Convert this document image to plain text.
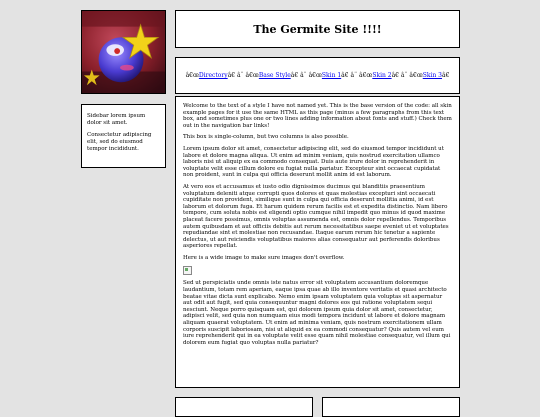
The Germite Site !!!!
â€œDirectoryâ€ â¨ â€œBase Styleâ€ â¨ â€œSkin 1â€ â¨ â€œSkin 2â€ â¨ â€œSkin 3â€

Sidebar lorem ipsum dolor sit amet.

Consectetur adipiscing elit, sed do eiusmod tempor incididunt.

Welcome to the text of a style I have not named yet. This is the base version of the code: all skin example pages for it use the same HTML as this page (minus a few paragraphs from this text box, and sometimes plus one or two lines adding information about fonts and stuff.) Check them out in the navigation bar links!

This box is single-column, but two columns is also possible.

Lorem ipsum dolor sit amet, consectetur adipiscing elit, sed do eiusmod tempor incididunt ut labore et dolore magna aliqua. Ut enim ad minim veniam, quis nostrud exercitation ullamco laboris nisi ut aliquip ex ea commodo consequat. Duis aute irure dolor in reprehenderit in voluptate velit esse cillum dolore eu fugiat nulla pariatur. Excepteur sint occaecat cupidatat non proident, sunt in culpa qui officia deserunt mollit anim id est laborum.

At vero eos et accusamus et iusto odio dignissimos ducimus qui blanditiis praesentium voluptatum deleniti atque corrupti quos dolores et quas molestias excepturi sint occaecati cupiditate non provident, similique sunt in culpa qui officia deserunt mollitia animi, id est laborum et dolorum fuga. Et harum quidem rerum facilis est et expedita distinctio. Nam libero tempore, cum soluta nobis est eligendi optio cumque nihil impedit quo minus id quod maxime placeat facere possimus, omnis voluptas assumenda est, omnis dolor repellendus. Temporibus autem quibusdam et aut officiis debitis aut rerum necessitatibus saepe eveniet ut et voluptates repudiandae sint et molestiae non recusandae. Itaque earum rerum hic tenetur a sapiente delectus, ut aut reiciendis voluptatibus maiores alias consequatur aut perferendis doloribus asperiores repellat.

Here is a wide image to make sure images don't overflow.

Sed ut perspiciatis unde omnis iste natus error sit voluptatem accusantium doloremque laudantium, totam rem aperiam, eaque ipsa quae ab illo inventore veritatis et quasi architecto beatae vitae dicta sunt explicabo. Nemo enim ipsam voluptatem quia voluptas sit aspernatur aut odit aut fugit, sed quia consequuntur magni dolores eos qui ratione voluptatem sequi nesciunt. Neque porro quisquam est, qui dolorem ipsum quia dolor sit amet, consectetur, adipisci velit, sed quia non numquam eius modi tempora incidunt ut labore et dolore magnam aliquam quaerat voluptatem. Ut enim ad minima veniam, quis nostrum exercitationem ullam corporis suscipit laboriosam, nisi ut aliquid ex ea commodi consequatur? Quis autem vel eum iure reprehenderit qui in ea voluptate velit esse quam nihil molestiae consequatur, vel illum qui dolorem eum fugiat quo voluptas nulla pariatur?
